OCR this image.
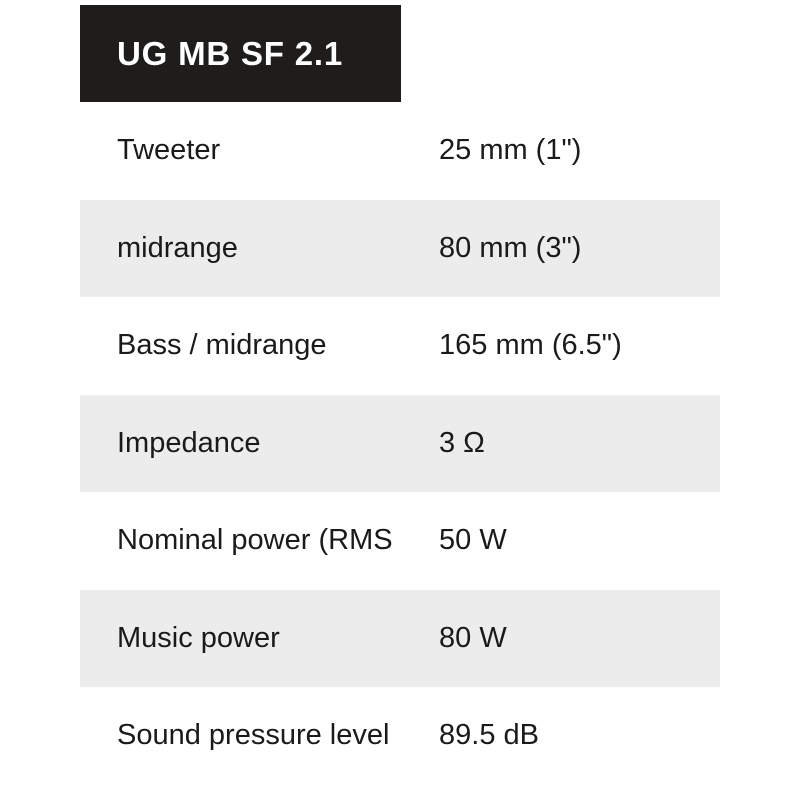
UG MB SF 2.1
Tweeter	25 mm (1")
midrange	80 mm (3")
Bass / midrange	165 mm (6.5")
Impedance	3 Ω
Nominal power (RMS	50 W
Music power	80 W
Sound pressure level	89.5 dB
